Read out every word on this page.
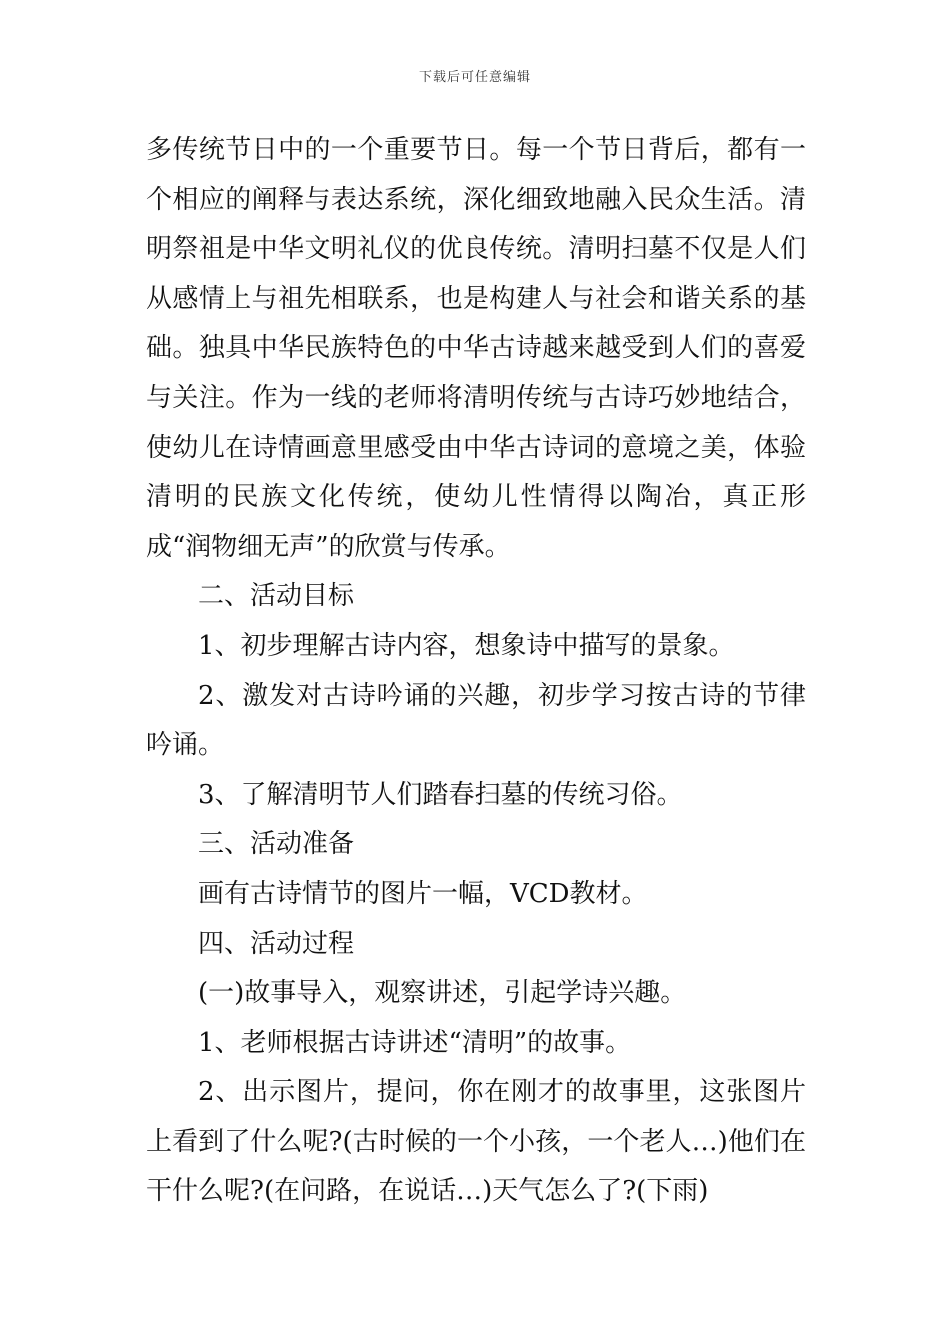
下载后可任意编辑

多传统节日中的一个重要节日。每一个节日背后，都有一个相应的阐释与表达系统，深化细致地融入民众生活。清明祭祖是中华文明礼仪的优良传统。清明扫墓不仅是人们从感情上与祖先相联系，也是构建人与社会和谐关系的基础。独具中华民族特色的中华古诗越来越受到人们的喜爱与关注。作为一线的老师将清明传统与古诗巧妙地结合，使幼儿在诗情画意里感受由中华古诗词的意境之美，体验清明的民族文化传统，使幼儿性情得以陶冶，真正形成“润物细无声”的欣赏与传承。

二、活动目标

1、初步理解古诗内容，想象诗中描写的景象。

2、激发对古诗吟诵的兴趣，初步学习按古诗的节律吟诵。

3、了解清明节人们踏春扫墓的传统习俗。

三、活动准备

画有古诗情节的图片一幅，VCD教材。

四、活动过程

(一)故事导入，观察讲述，引起学诗兴趣。

1、老师根据古诗讲述“清明”的故事。

2、出示图片，提问，你在刚才的故事里，这张图片上看到了什么呢?(古时候的一个小孩，一个老人…)他们在干什么呢?(在问路，在说话…)天气怎么了?(下雨)
